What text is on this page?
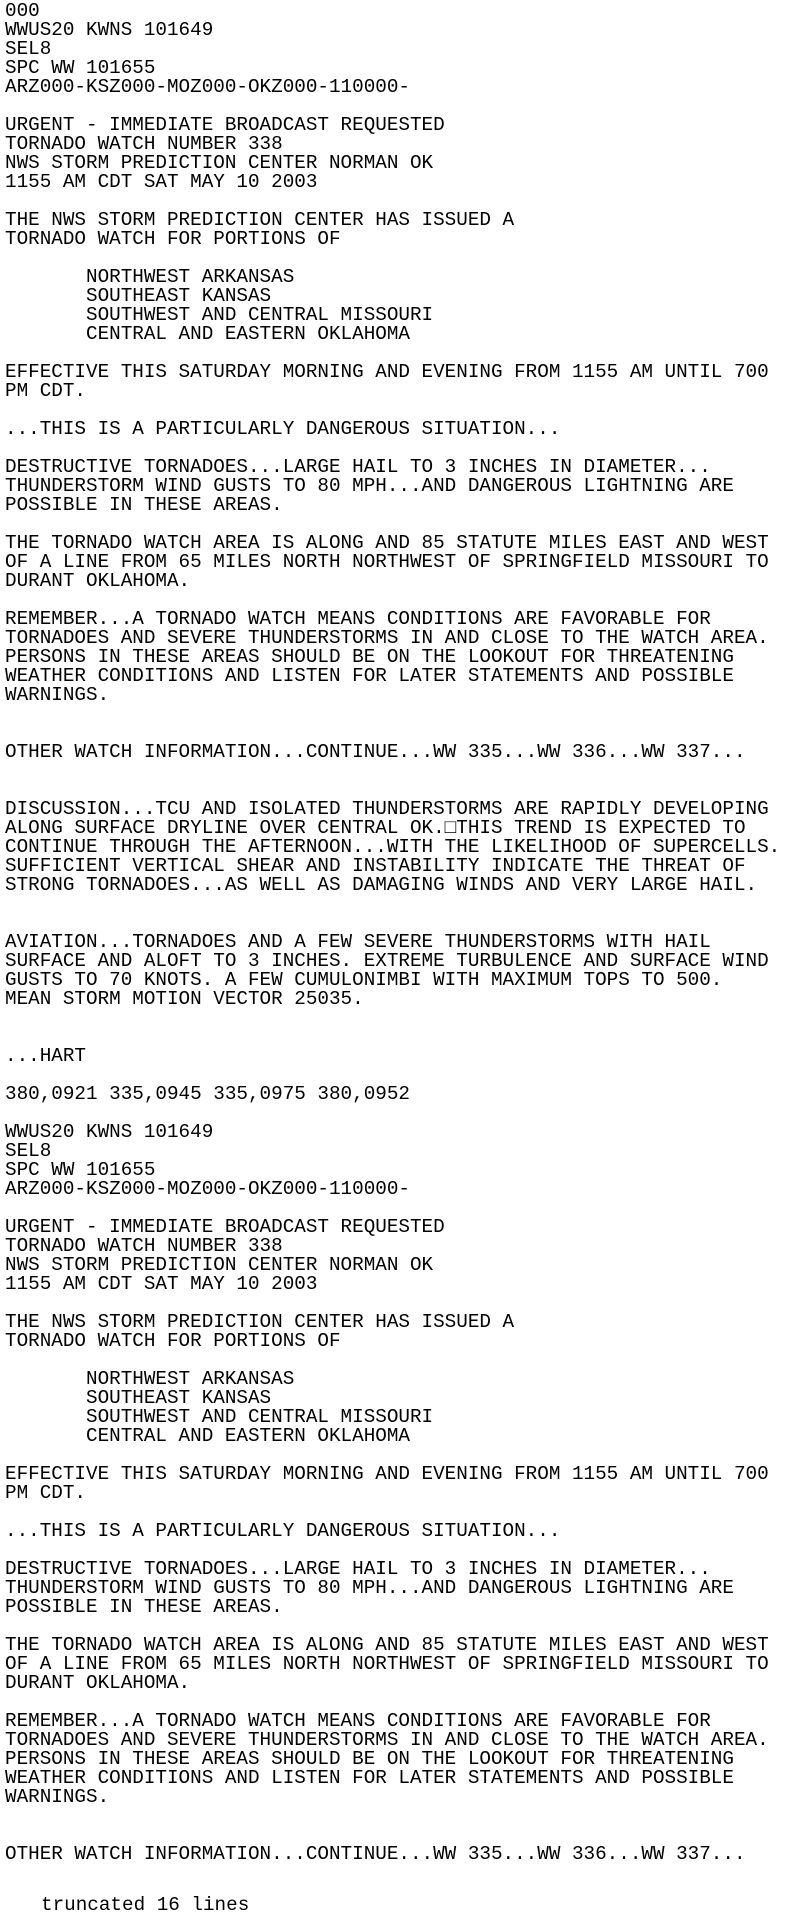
000
WWUS20 KWNS 101649
SEL8
SPC WW 101655
ARZ000-KSZ000-MOZ000-OKZ000-110000-
URGENT - IMMEDIATE BROADCAST REQUESTED
TORNADO WATCH NUMBER 338
NWS STORM PREDICTION CENTER NORMAN OK
1155 AM CDT SAT MAY 10 2003
THE NWS STORM PREDICTION CENTER HAS ISSUED A
TORNADO WATCH FOR PORTIONS OF
NORTHWEST ARKANSAS
SOUTHEAST KANSAS
SOUTHWEST AND CENTRAL MISSOURI
CENTRAL AND EASTERN OKLAHOMA
EFFECTIVE THIS SATURDAY MORNING AND EVENING FROM 1155 AM UNTIL 700
PM CDT.
...THIS IS A PARTICULARLY DANGEROUS SITUATION...
DESTRUCTIVE TORNADOES...LARGE HAIL TO 3 INCHES IN DIAMETER...
THUNDERSTORM WIND GUSTS TO 80 MPH...AND DANGEROUS LIGHTNING ARE
POSSIBLE IN THESE AREAS.
THE TORNADO WATCH AREA IS ALONG AND 85 STATUTE MILES EAST AND WEST
OF A LINE FROM 65 MILES NORTH NORTHWEST OF SPRINGFIELD MISSOURI TO
DURANT OKLAHOMA.
REMEMBER...A TORNADO WATCH MEANS CONDITIONS ARE FAVORABLE FOR
TORNADOES AND SEVERE THUNDERSTORMS IN AND CLOSE TO THE WATCH AREA.
PERSONS IN THESE AREAS SHOULD BE ON THE LOOKOUT FOR THREATENING
WEATHER CONDITIONS AND LISTEN FOR LATER STATEMENTS AND POSSIBLE
WARNINGS.
OTHER WATCH INFORMATION...CONTINUE...WW 335...WW 336...WW 337...
DISCUSSION...TCU AND ISOLATED THUNDERSTORMS ARE RAPIDLY DEVELOPING
ALONG SURFACE DRYLINE OVER CENTRAL OK.□THIS TREND IS EXPECTED TO
CONTINUE THROUGH THE AFTERNOON...WITH THE LIKELIHOOD OF SUPERCELLS.
SUFFICIENT VERTICAL SHEAR AND INSTABILITY INDICATE THE THREAT OF
STRONG TORNADOES...AS WELL AS DAMAGING WINDS AND VERY LARGE HAIL.
AVIATION...TORNADOES AND A FEW SEVERE THUNDERSTORMS WITH HAIL
SURFACE AND ALOFT TO 3 INCHES. EXTREME TURBULENCE AND SURFACE WIND
GUSTS TO 70 KNOTS. A FEW CUMULONIMBI WITH MAXIMUM TOPS TO 500.
MEAN STORM MOTION VECTOR 25035.
...HART
380,0921 335,0945 335,0975 380,0952
WWUS20 KWNS 101649
SEL8
SPC WW 101655
ARZ000-KSZ000-MOZ000-OKZ000-110000-
URGENT - IMMEDIATE BROADCAST REQUESTED
TORNADO WATCH NUMBER 338
NWS STORM PREDICTION CENTER NORMAN OK
1155 AM CDT SAT MAY 10 2003
THE NWS STORM PREDICTION CENTER HAS ISSUED A
TORNADO WATCH FOR PORTIONS OF
NORTHWEST ARKANSAS
SOUTHEAST KANSAS
SOUTHWEST AND CENTRAL MISSOURI
CENTRAL AND EASTERN OKLAHOMA
EFFECTIVE THIS SATURDAY MORNING AND EVENING FROM 1155 AM UNTIL 700
PM CDT.
...THIS IS A PARTICULARLY DANGEROUS SITUATION...
DESTRUCTIVE TORNADOES...LARGE HAIL TO 3 INCHES IN DIAMETER...
THUNDERSTORM WIND GUSTS TO 80 MPH...AND DANGEROUS LIGHTNING ARE
POSSIBLE IN THESE AREAS.
THE TORNADO WATCH AREA IS ALONG AND 85 STATUTE MILES EAST AND WEST
OF A LINE FROM 65 MILES NORTH NORTHWEST OF SPRINGFIELD MISSOURI TO
DURANT OKLAHOMA.
REMEMBER...A TORNADO WATCH MEANS CONDITIONS ARE FAVORABLE FOR
TORNADOES AND SEVERE THUNDERSTORMS IN AND CLOSE TO THE WATCH AREA.
PERSONS IN THESE AREAS SHOULD BE ON THE LOOKOUT FOR THREATENING
WEATHER CONDITIONS AND LISTEN FOR LATER STATEMENTS AND POSSIBLE
WARNINGS.
OTHER WATCH INFORMATION...CONTINUE...WW 335...WW 336...WW 337...
truncated 16 lines
